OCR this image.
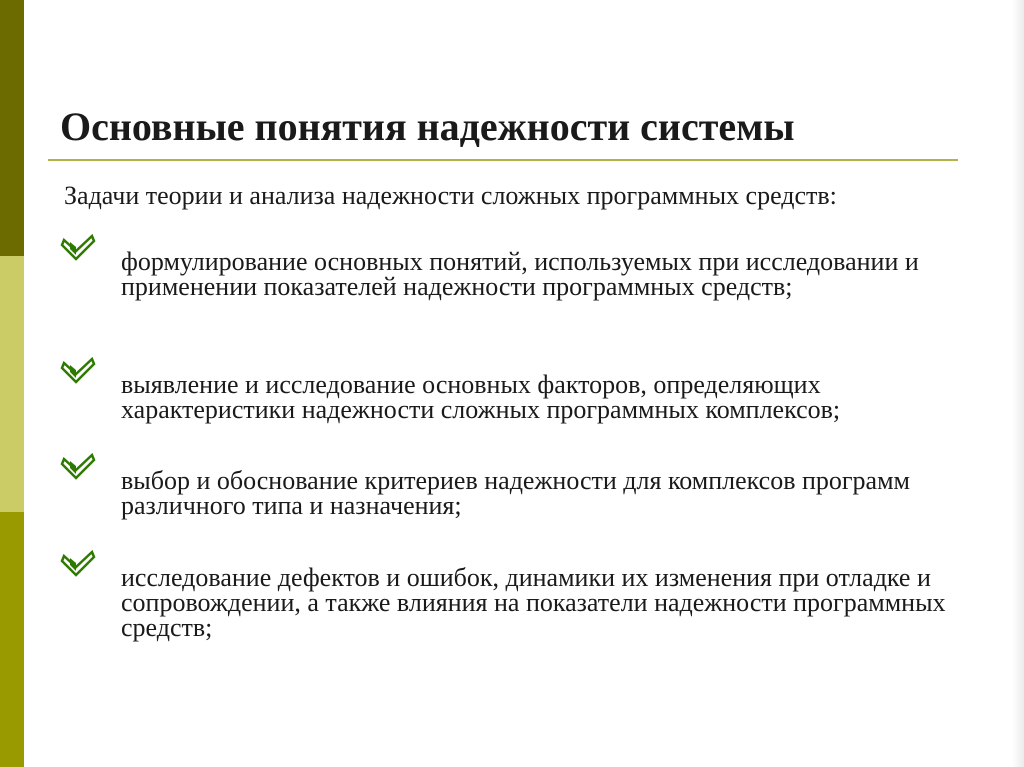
Основные понятия надежности системы
Задачи теории и анализа надежности сложных программных средств:
формулирование основных понятий, используемых при исследовании и применении показателей надежности программных средств;
выявление и исследование основных факторов, определяющих характеристики надежности сложных программных комплексов;
выбор и обоснование критериев надежности для комплексов программ различного типа и назначения;
исследование дефектов и ошибок, динамики их изменения при отладке и сопровождении, а также влияния на показатели надежности программных средств;
